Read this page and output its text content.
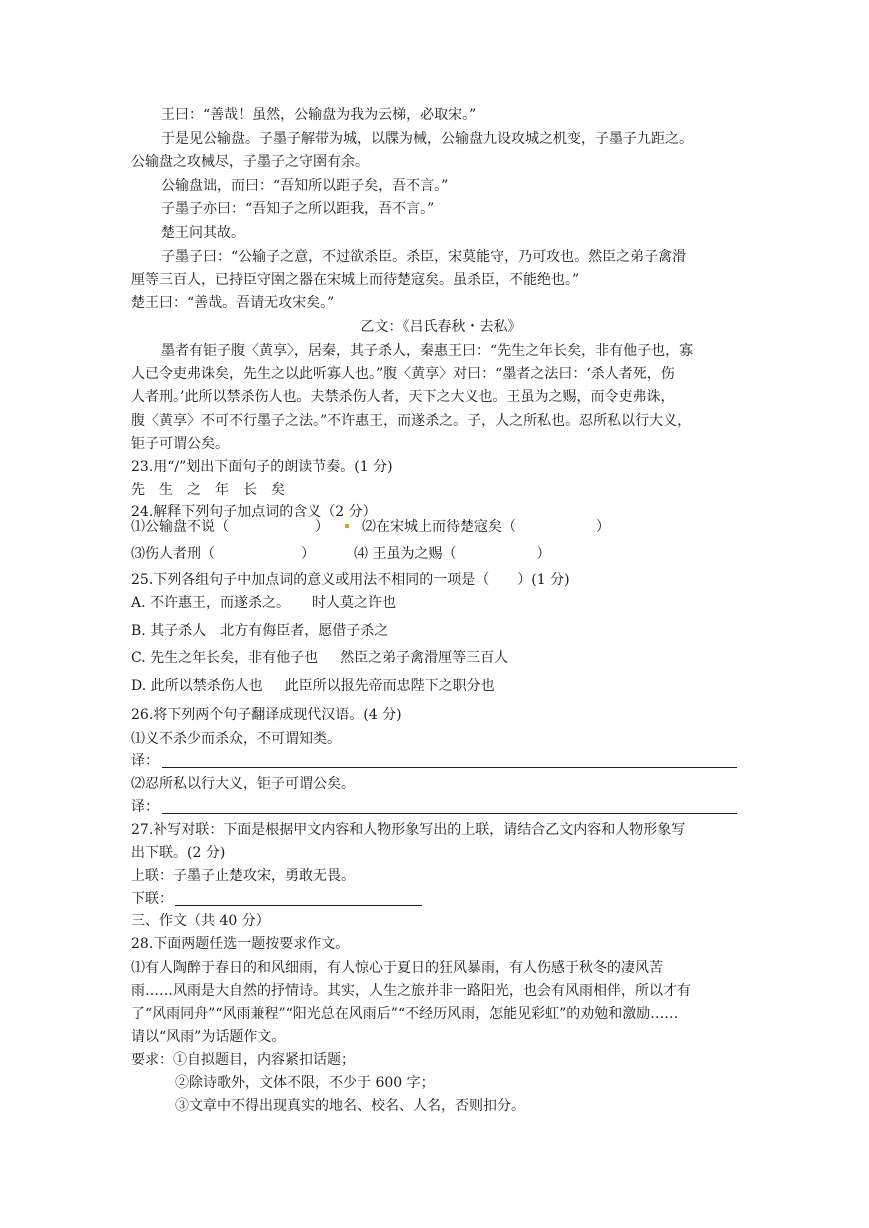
王曰：“善哉！虽然，公输盘为我为云梯，必取宋。”
于是见公输盘。子墨子解带为城，以牒为械，公输盘九设攻城之机变，子墨子九距之。
公输盘之攻械尽，子墨子之守圉有余。
公输盘诎，而曰：“吾知所以距子矣，吾不言。”
子墨子亦曰：“吾知子之所以距我，吾不言。”
楚王问其故。
子墨子曰：“公输子之意，不过欲杀臣。杀臣，宋莫能守，乃可攻也。然臣之弟子禽滑
厘等三百人，已持臣守圉之器在宋城上而待楚寇矣。虽杀臣，不能绝也。”
楚王曰：“善哉。吾请无攻宋矣。”
乙文：《吕氏春秋・去私》
墨者有钜子腹〈黄享〉，居秦，其子杀人，秦惠王曰：“先生之年长矣，非有他子也，寡
人已令吏弗诛矣，先生之以此听寡人也。”腹〈黄享〉对曰：“墨者之法曰：‘杀人者死，伤
人者刑。’此所以禁杀伤人也。夫禁杀伤人者，天下之大义也。王虽为之赐，而令吏弗诛，
腹〈黄享〉不可不行墨子之法。”不许惠王，而遂杀之。子，人之所私也。忍所私以行大义，
钜子可谓公矣。
23.用“/”划出下面句子的朗读节奏。(1 分)
先　生　之　年　长　矣
24.解释下列句子加点词的含义（2 分）
⑴公输盘不说（	）	⑵在宋城上而待楚寇矣（	）
⑶伤人者刑（	）	⑷ 王虽为之赐（	）
25.下列各组句子中加点词的意义或用法不相同的一项是（　　）(1 分)
A. 不许惠王，而遂杀之。 时人莫之许也
B. 其子杀人 北方有侮臣者，愿借子杀之
C. 先生之年长矣，非有他子也 然臣之弟子禽滑厘等三百人
D. 此所以禁杀伤人也 此臣所以报先帝而忠陛下之职分也
26.将下列两个句子翻译成现代汉语。(4 分)
⑴义不杀少而杀众，不可谓知类。
译：
⑵忍所私以行大义，钜子可谓公矣。
译：
27.补写对联：下面是根据甲文内容和人物形象写出的上联，请结合乙文内容和人物形象写
出下联。(2 分)
上联：子墨子止楚攻宋，勇敢无畏。
下联：
三、作文（共 40 分）
28.下面两题任选一题按要求作文。
⑴有人陶醉于春日的和风细雨，有人惊心于夏日的狂风暴雨，有人伤感于秋冬的凄风苦
雨……风雨是大自然的抒情诗。其实，人生之旅并非一路阳光，也会有风雨相伴，所以才有
了“风雨同舟”“风雨兼程”“阳光总在风雨后”“不经历风雨，怎能见彩虹”的劝勉和激励……
请以“风雨”为话题作文。
要求：①自拟题目，内容紧扣话题；
②除诗歌外，文体不限，不少于 600 字；
③文章中不得出现真实的地名、校名、人名，否则扣分。
